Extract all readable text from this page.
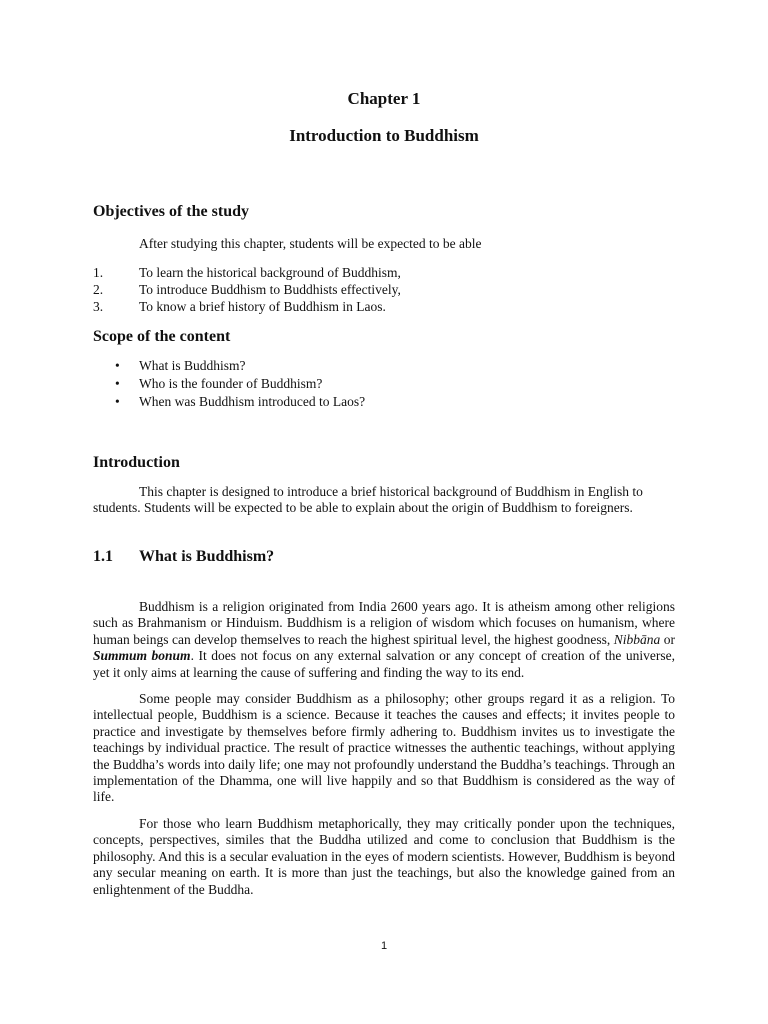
Chapter 1
Introduction to Buddhism
Objectives of the study
After studying this chapter, students will be expected to be able
1.	To learn the historical background of Buddhism,
2.	To introduce Buddhism to Buddhists effectively,
3.	To know a brief history of Buddhism in Laos.
Scope of the content
•	What is Buddhism?
•	Who is the founder of Buddhism?
•	When was Buddhism introduced to Laos?
Introduction

This chapter is designed to introduce a brief historical background of Buddhism in English to students. Students will be expected to be able to explain about the origin of Buddhism to foreigners.

1.1 What is Buddhism?

Buddhism is a religion originated from India 2600 years ago. It is atheism among other religions such as Brahmanism or Hinduism. Buddhism is a religion of wisdom which focuses on humanism, where human beings can develop themselves to reach the highest spiritual level, the highest goodness, Nibbāna or Summum bonum. It does not focus on any external salvation or any concept of creation of the universe, yet it only aims at learning the cause of suffering and finding the way to its end.

Some people may consider Buddhism as a philosophy; other groups regard it as a religion. To intellectual people, Buddhism is a science. Because it teaches the causes and effects; it invites people to practice and investigate by themselves before firmly adhering to. Buddhism invites us to investigate the teachings by individual practice. The result of practice witnesses the authentic teachings, without applying the Buddha’s words into daily life; one may not profoundly understand the Buddha’s teachings. Through an implementation of the Dhamma, one will live happily and so that Buddhism is considered as the way of life.

For those who learn Buddhism metaphorically, they may critically ponder upon the techniques, concepts, perspectives, similes that the Buddha utilized and come to conclusion that Buddhism is the philosophy. And this is a secular evaluation in the eyes of modern scientists. However, Buddhism is beyond any secular meaning on earth. It is more than just the teachings, but also the knowledge gained from an enlightenment of the Buddha.

1
